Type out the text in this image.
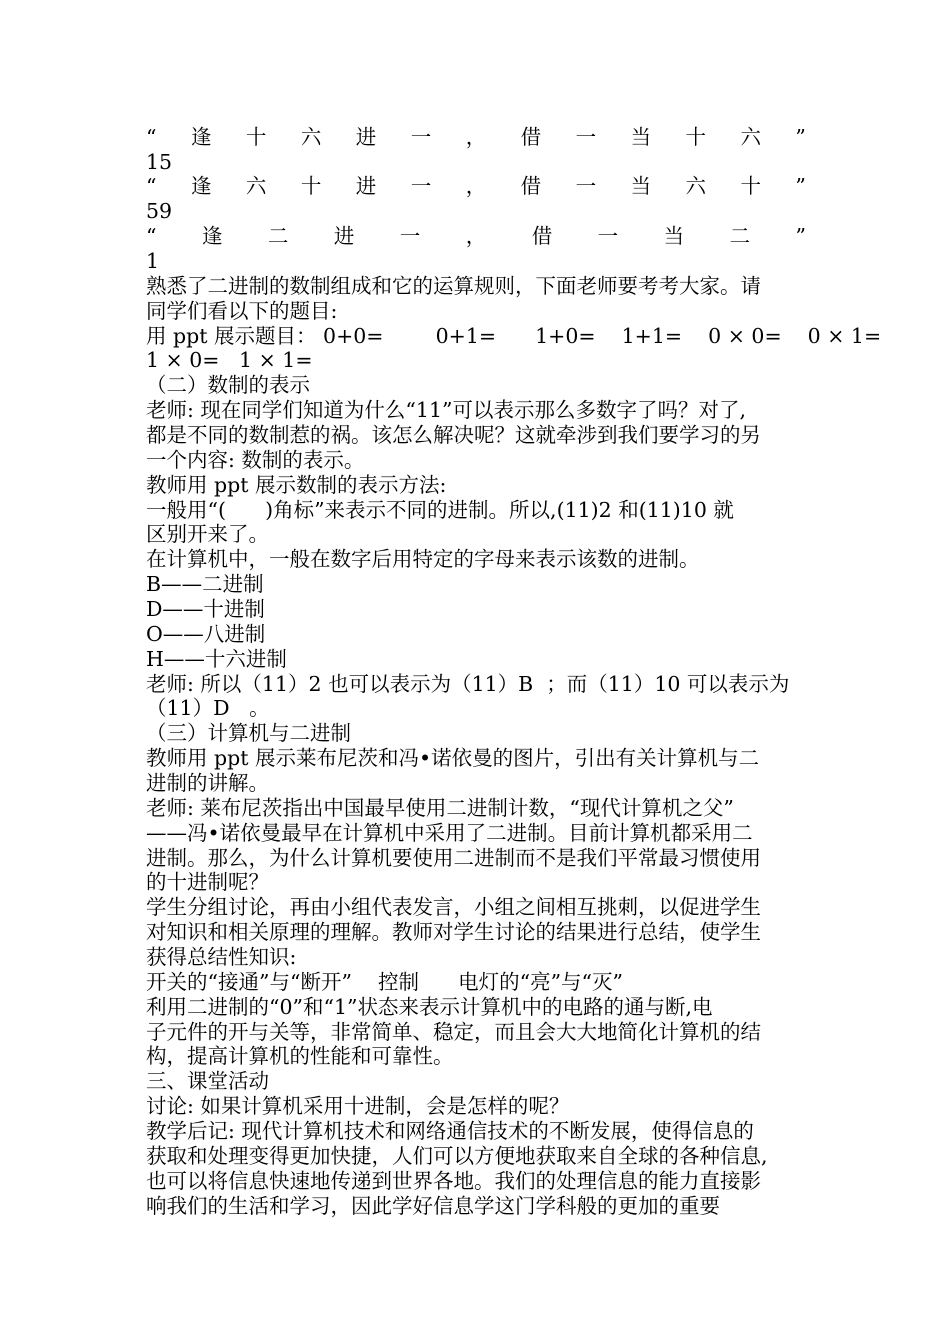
“ 逢 十 六 进 一 ， 借 一 当 十 六 ”
15
“ 逢 六 十 进 一 ， 借 一 当 六 十 ”
59
“ 逢 二 进 一 ， 借 一 当 二 ”
1
熟悉了二进制的数制组成和它的运算规则，下面老师要考考大家。请
同学们看以下的题目:
用 ppt 展示题目： 0+0=        0+1=      1+0=    1+1=    0 × 0=    0 × 1=
1 × 0=   1 × 1=
（二）数制的表示
老师: 现在同学们知道为什么“11”可以表示那么多数字了吗？对了,
都是不同的数制惹的祸。该怎么解决呢？这就牵涉到我们要学习的另
一个内容: 数制的表示。
教师用 ppt 展示数制的表示方法:
一般用“(      )角标”来表示不同的进制。所以,(11)2 和(11)10 就
区别开来了。
在计算机中，一般在数字后用特定的字母来表示该数的进制。
B——二进制
D——十进制
O——八进制
H——十六进制
老师: 所以（11）2 也可以表示为（11）B  ；而（11）10 可以表示为
（11）D   。
（三）计算机与二进制
教师用 ppt 展示莱布尼茨和冯•诺依曼的图片，引出有关计算机与二
进制的讲解。
老师: 莱布尼茨指出中国最早使用二进制计数，“现代计算机之父”
——冯•诺依曼最早在计算机中采用了二进制。目前计算机都采用二
进制。那么，为什么计算机要使用二进制而不是我们平常最习惯使用
的十进制呢？
学生分组讨论，再由小组代表发言，小组之间相互挑刺，以促进学生
对知识和相关原理的理解。教师对学生讨论的结果进行总结，使学生
获得总结性知识:
开关的“接通”与“断开”    控制      电灯的“亮”与“灭”
利用二进制的“0”和“1”状态来表示计算机中的电路的通与断,电
子元件的开与关等，非常简单、稳定，而且会大大地简化计算机的结
构，提高计算机的性能和可靠性。
三、课堂活动
讨论: 如果计算机采用十进制，会是怎样的呢？
教学后记: 现代计算机技术和网络通信技术的不断发展，使得信息的
获取和处理变得更加快捷，人们可以方便地获取来自全球的各种信息,
也可以将信息快速地传递到世界各地。我们的处理信息的能力直接影
响我们的生活和学习，因此学好信息学这门学科般的更加的重要
